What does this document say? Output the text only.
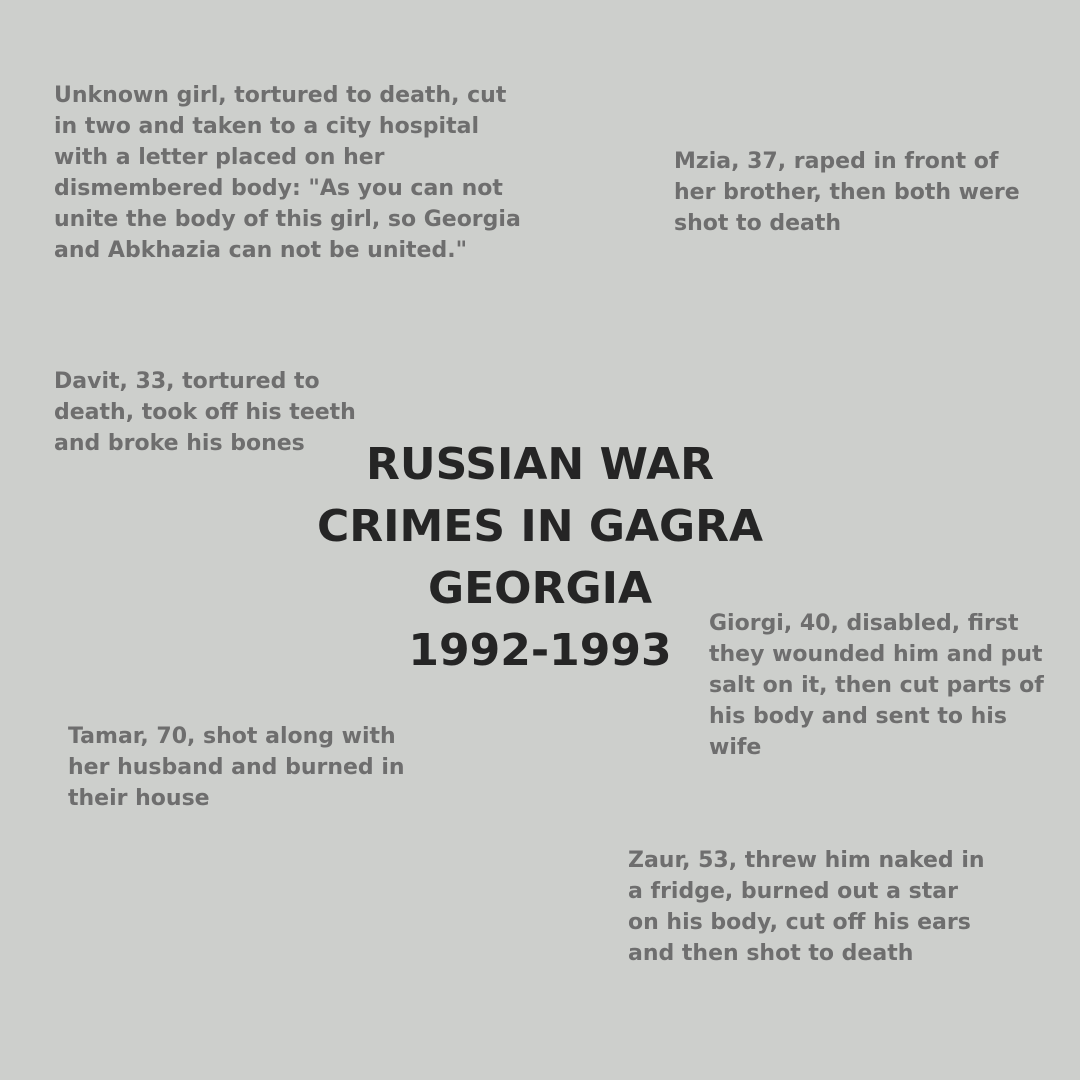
Unknown girl, tortured to death, cut in two and taken to a city hospital with a letter placed on her dismembered body: "As you can not unite the body of this girl, so Georgia and Abkhazia can not be united."

Mzia, 37, raped in front of her brother, then both were shot to death

Davit, 33, tortured to death, took off his teeth and broke his bones	RUSSIAN WAR
CRIMES IN GAGRA
GEORGIA
1992-1993

Giorgi, 40, disabled, first they wounded him and put salt on it, then cut parts of his body and sent to his wife

Tamar, 70, shot along with her husband and burned in their house

Zaur, 53, threw him naked in a fridge, burned out a star on his body, cut off his ears and then shot to death
